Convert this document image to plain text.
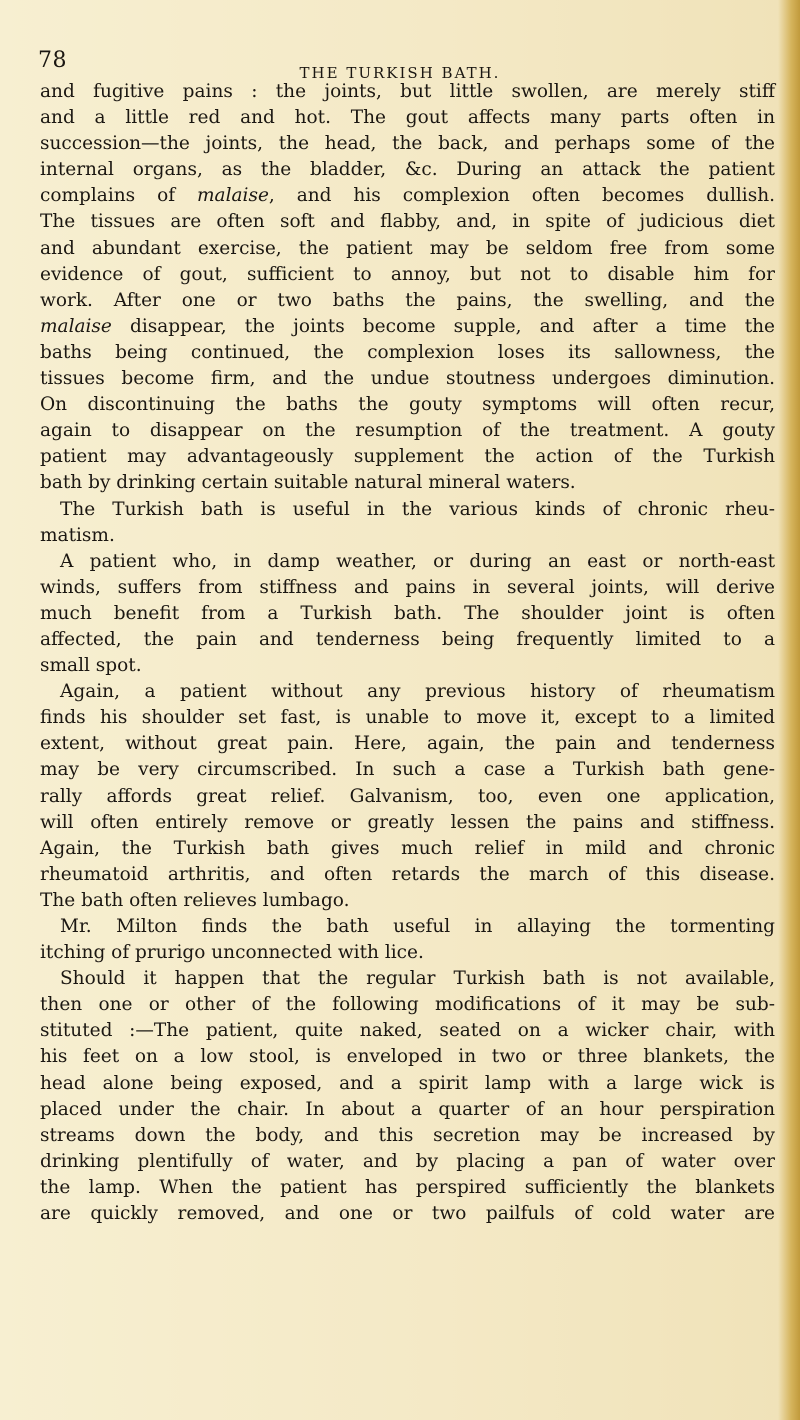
78	THE TURKISH BATH.
and fugitive pains : the joints, but little swollen, are merely stiff
and a little red and hot. The gout affects many parts often in
succession—the joints, the head, the back, and perhaps some of the
internal organs, as the bladder, &c. During an attack the patient
complains of malaise, and his complexion often becomes dullish.
The tissues are often soft and flabby, and, in spite of judicious diet
and abundant exercise, the patient may be seldom free from some
evidence of gout, sufficient to annoy, but not to disable him for
work. After one or two baths the pains, the swelling, and the
malaise disappear, the joints become supple, and after a time the
baths being continued, the complexion loses its sallowness, the
tissues become firm, and the undue stoutness undergoes diminution.
On discontinuing the baths the gouty symptoms will often recur,
again to disappear on the resumption of the treatment. A gouty
patient may advantageously supplement the action of the Turkish
bath by drinking certain suitable natural mineral waters.
The Turkish bath is useful in the various kinds of chronic rheu-
matism.
A patient who, in damp weather, or during an east or north-east
winds, suffers from stiffness and pains in several joints, will derive
much benefit from a Turkish bath. The shoulder joint is often
affected, the pain and tenderness being frequently limited to a
small spot.
Again, a patient without any previous history of rheumatism
finds his shoulder set fast, is unable to move it, except to a limited
extent, without great pain. Here, again, the pain and tenderness
may be very circumscribed. In such a case a Turkish bath gene-
rally affords great relief. Galvanism, too, even one application,
will often entirely remove or greatly lessen the pains and stiffness.
Again, the Turkish bath gives much relief in mild and chronic
rheumatoid arthritis, and often retards the march of this disease.
The bath often relieves lumbago.
Mr. Milton finds the bath useful in allaying the tormenting
itching of prurigo unconnected with lice.
Should it happen that the regular Turkish bath is not available,
then one or other of the following modifications of it may be sub-
stituted :—The patient, quite naked, seated on a wicker chair, with
his feet on a low stool, is enveloped in two or three blankets, the
head alone being exposed, and a spirit lamp with a large wick is
placed under the chair. In about a quarter of an hour perspiration
streams down the body, and this secretion may be increased by
drinking plentifully of water, and by placing a pan of water over
the lamp. When the patient has perspired sufficiently the blankets
are quickly removed, and one or two pailfuls of cold water are
